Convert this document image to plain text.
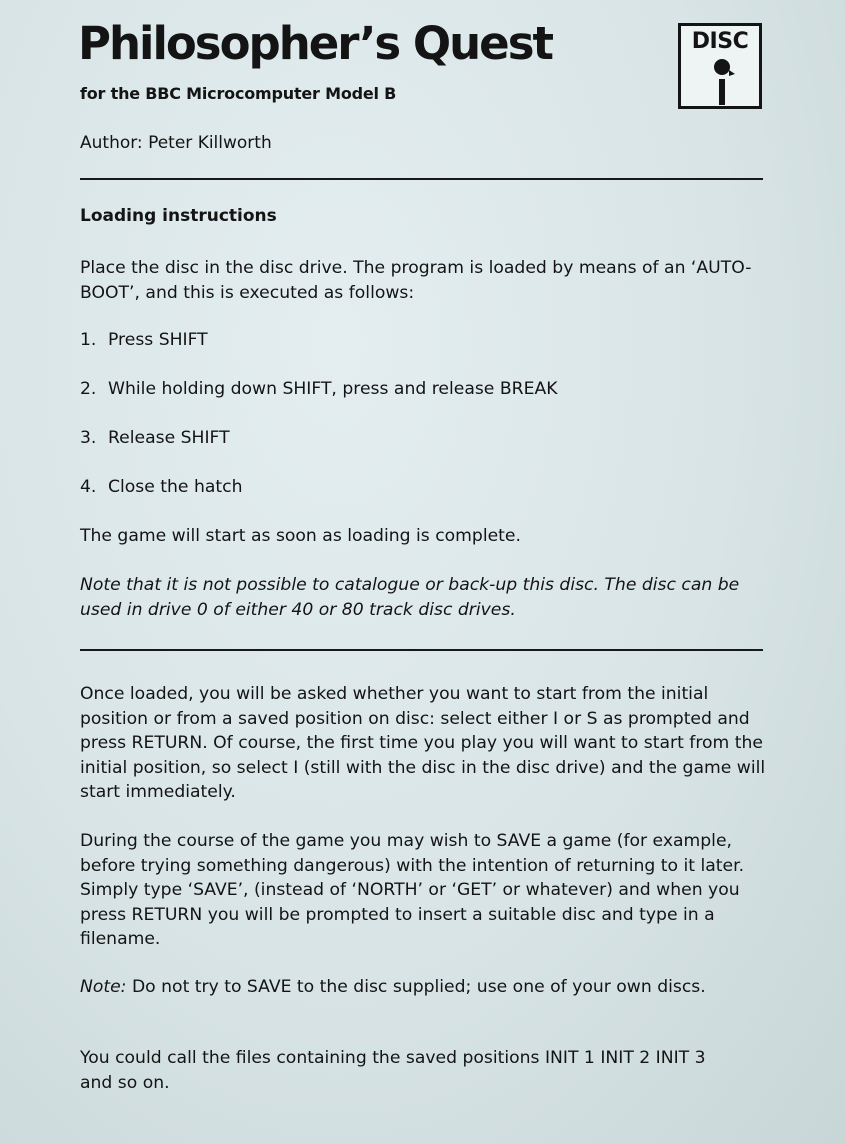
Philosopher’s Quest
for the BBC Microcomputer Model B
DISC
Author: Peter Killworth
Loading instructions

Place the disc in the disc drive. The program is loaded by means of an ‘AUTO-BOOT’, and this is executed as follows:

1. Press SHIFT
2. While holding down SHIFT, press and release BREAK
3. Release SHIFT
4. Close the hatch

The game will start as soon as loading is complete.

Note that it is not possible to catalogue or back-up this disc. The disc can be used in drive 0 of either 40 or 80 track disc drives.

Once loaded, you will be asked whether you want to start from the initial position or from a saved position on disc: select either I or S as prompted and press RETURN. Of course, the first time you play you will want to start from the initial position, so select I (still with the disc in the disc drive) and the game will start immediately.

During the course of the game you may wish to SAVE a game (for example, before trying something dangerous) with the intention of returning to it later. Simply type ‘SAVE’, (instead of ‘NORTH’ or ‘GET’ or whatever) and when you press RETURN you will be prompted to insert a suitable disc and type in a filename.

Note: Do not try to SAVE to the disc supplied; use one of your own discs.

You could call the files containing the saved positions INIT 1 INIT 2 INIT 3 and so on.
